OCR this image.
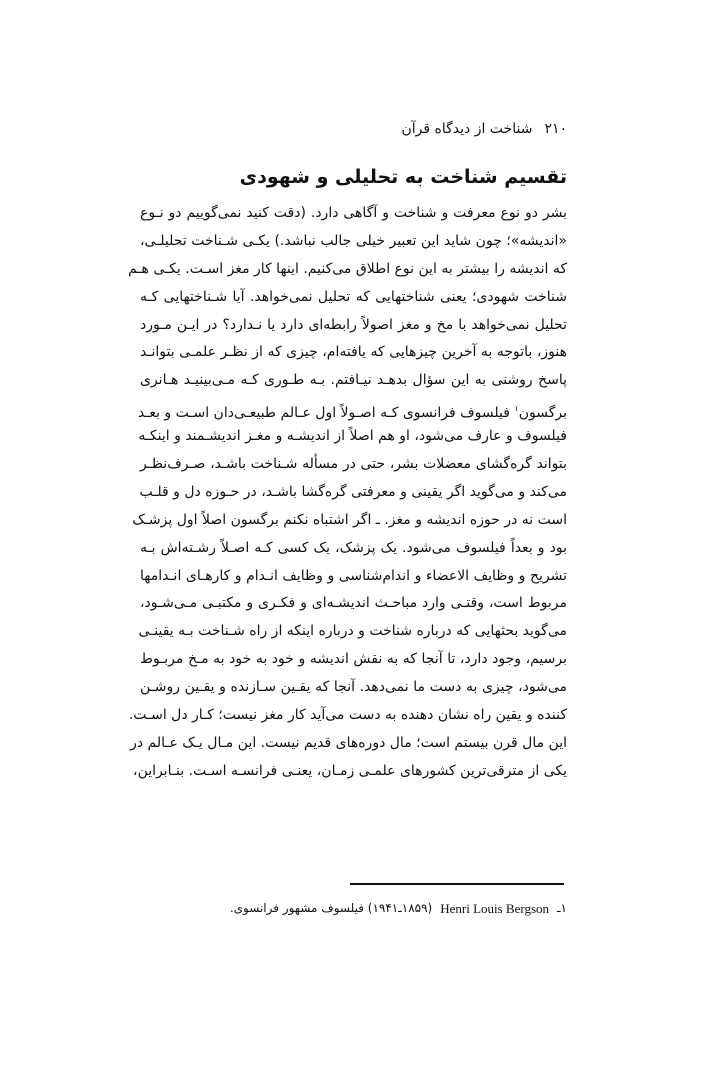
۲۱۰
شناخت از دیدگاه قرآن
تقسیم شناخت به تحلیلی و شهودی
بشر دو نوع معرفت و شناخت و آگاهی دارد. (دقت کنید نمی‌گوییم دو نـوع
«اندیشه»؛ چون شاید این تعبیر خیلی جالب نباشد.) یکـی شـناخت تحلیلـی،
که اندیشه را بیشتر به این نوع اطلاق می‌کنیم. اینها کار مغز اسـت. یکـی هـم
شناخت شهودی؛ یعنی شناختهایی که تحلیل نمی‌خواهد. آیا شـناختهایی کـه
تحلیل نمی‌خواهد با مخ و مغز اصولاً رابطه‌ای دارد یا نـدارد؟ در ایـن مـورد
هنوز، باتوجه به آخرین چیزهایی که یافته‌ام، چیزی که از نظـر علمـی بتوانـد
پاسخ روشنی به این سؤال بدهـد نیـافتم. بـه طـوری کـه مـی‌بینیـد هـانری
برگسون$^۱$ فیلسوف فرانسوی کـه اصـولاً اول عـالم طبیعـی‌دان اسـت و بعـد
فیلسوف و عارف می‌شود، او هم اصلاً از اندیشـه و مغـز اندیشـمند و اینکـه
بتواند گره‌گشای معضلات بشر، حتی در مسأله شـناخت باشـد، صـرف‌نظـر
می‌کند و می‌گوید اگر یقینی و معرفتی گره‌گشا باشـد، در حـوزه دل و قلـب
است نه در حوزه اندیشه و مغز. ـ اگر اشتباه نکنم برگسون اصلاً اول پزشـک
بود و بعداً فیلسوف می‌شود. یک پزشک، یک کسی کـه اصـلاً رشـته‌اش بـه
تشریح و وظایف الاعضاء و اندام‌شناسی و وظایف انـدام و کارهـای انـدامها
مربوط است، وقتـی وارد مباحـث اندیشـه‌ای و فکـری و مکتبـی مـی‌شـود،
می‌گوید بحثهایی که درباره شناخت و درباره اینکه از راه شـناخت بـه یقینـی
برسیم، وجود دارد، تا آنجا که به نقش اندیشه و خود به خود به مـخ مربـوط
می‌شود، چیزی به دست ما نمی‌دهد. آنجا که یقـین سـازنده و یقـین روشـن
کننده و یقین راه نشان دهنده به دست می‌آید کار مغز نیست؛ کـار دل اسـت.
این مال قرن بیستم است؛ مال دوره‌های قدیم نیست. این مـال یـک عـالم در
یکی از مترقی‌ترین کشورهای علمـی زمـان، یعنـی فرانسـه اسـت. بنـابراین،
۱ـ
Henri Louis Bergson
(۱۸۵۹ـ۱۹۴۱) فیلسوف مشهور فرانسوی.
